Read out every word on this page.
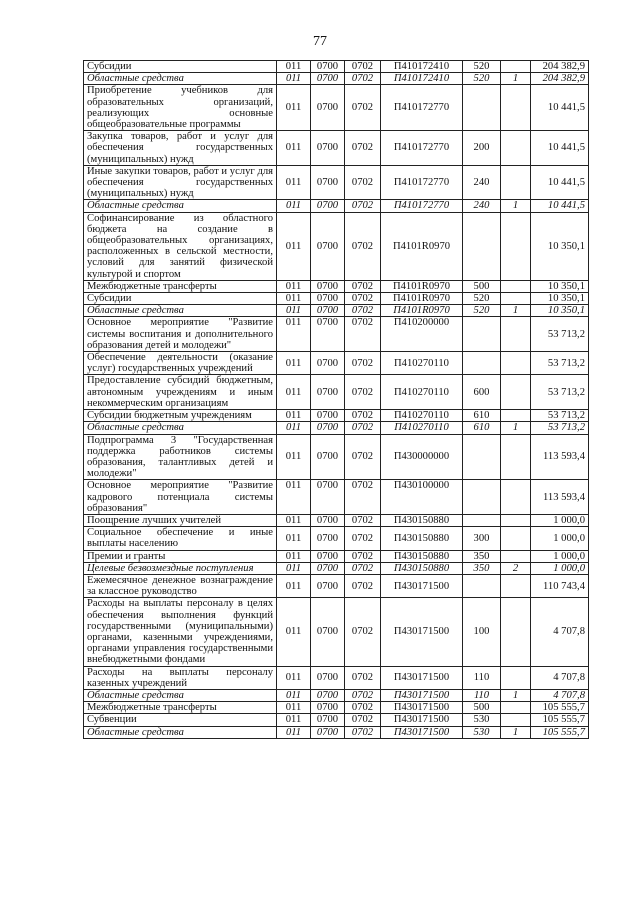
77
Субсидии	011	0700	0702	П410172410	520		204 382,9
Областные средства	011	0700	0702	П410172410	520	1	204 382,9
Приобретение учебников для образовательных организаций, реализующих основные общеобразовательные программы	011	0700	0702	П410172770			10 441,5
Закупка товаров, работ и услуг для обеспечения государственных (муниципальных) нужд	011	0700	0702	П410172770	200		10 441,5
Иные закупки товаров, работ и услуг для обеспечения государственных (муниципальных) нужд	011	0700	0702	П410172770	240		10 441,5
Областные средства	011	0700	0702	П410172770	240	1	10 441,5
Софинансирование из областного бюджета на создание в общеобразовательных организациях, расположенных в сельской местности, условий для занятий физической культурой и спортом	011	0700	0702	П4101R0970			10 350,1
Межбюджетные трансферты	011	0700	0702	П4101R0970	500		10 350,1
Субсидии	011	0700	0702	П4101R0970	520		10 350,1
Областные средства	011	0700	0702	П4101R0970	520	1	10 350,1
Основное мероприятие "Развитие системы воспитания и дополнительного образования детей и молодежи"	011	0700	0702	П410200000			53 713,2
Обеспечение деятельности (оказание услуг) государственных учреждений	011	0700	0702	П410270110			53 713,2
Предоставление субсидий бюджетным, автономным учреждениям и иным некоммерческим организациям	011	0700	0702	П410270110	600		53 713,2
Субсидии бюджетным учреждениям	011	0700	0702	П410270110	610		53 713,2
Областные средства	011	0700	0702	П410270110	610	1	53 713,2
Подпрограмма 3 "Государственная поддержка работников системы образования, талантливых детей и молодежи"	011	0700	0702	П430000000			113 593,4
Основное мероприятие "Развитие кадрового потенциала системы образования"	011	0700	0702	П430100000			113 593,4
Поощрение лучших учителей	011	0700	0702	П430150880			1 000,0
Социальное обеспечение и иные выплаты населению	011	0700	0702	П430150880	300		1 000,0
Премии и гранты	011	0700	0702	П430150880	350		1 000,0
Целевые безвозмездные поступления	011	0700	0702	П430150880	350	2	1 000,0
Ежемесячное денежное вознаграждение за классное руководство	011	0700	0702	П430171500			110 743,4
Расходы на выплаты персоналу в целях обеспечения выполнения функций государственными (муниципальными) органами, казенными учреждениями, органами управления государственными внебюджетными фондами	011	0700	0702	П430171500	100		4 707,8
Расходы на выплаты персоналу казенных учреждений	011	0700	0702	П430171500	110		4 707,8
Областные средства	011	0700	0702	П430171500	110	1	4 707,8
Межбюджетные трансферты	011	0700	0702	П430171500	500		105 555,7
Субвенции	011	0700	0702	П430171500	530		105 555,7
Областные средства	011	0700	0702	П430171500	530	1	105 555,7
